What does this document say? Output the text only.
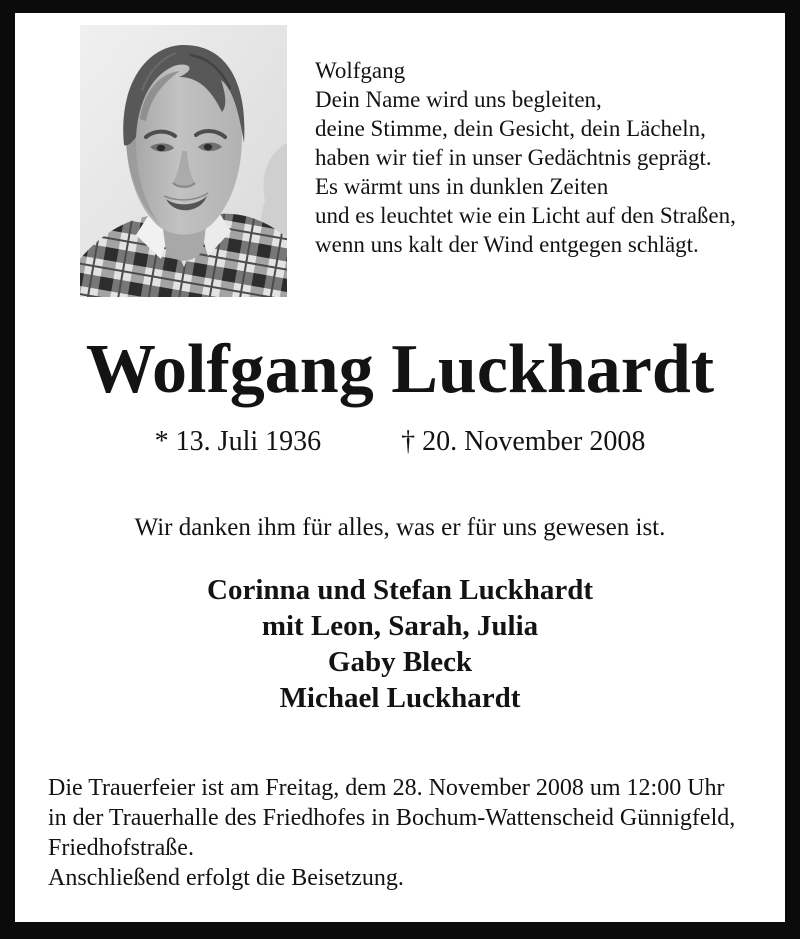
Wolfgang
Dein Name wird uns begleiten,
deine Stimme, dein Gesicht, dein Lächeln,
haben wir tief in unser Gedächtnis geprägt.
Es wärmt uns in dunklen Zeiten
und es leuchtet wie ein Licht auf den Straßen,
wenn uns kalt der Wind entgegen schlägt.
Wolfgang Luckhardt
* 13. Juli 1936	† 20. November 2008
Wir danken ihm für alles, was er für uns gewesen ist.
Corinna und Stefan Luckhardt
mit Leon, Sarah, Julia
Gaby Bleck
Michael Luckhardt
Die Trauerfeier ist am Freitag, dem 28. November 2008 um 12:00 Uhr
in der Trauerhalle des Friedhofes in Bochum-Wattenscheid Günnigfeld,
Friedhofstraße.
Anschließend erfolgt die Beisetzung.
